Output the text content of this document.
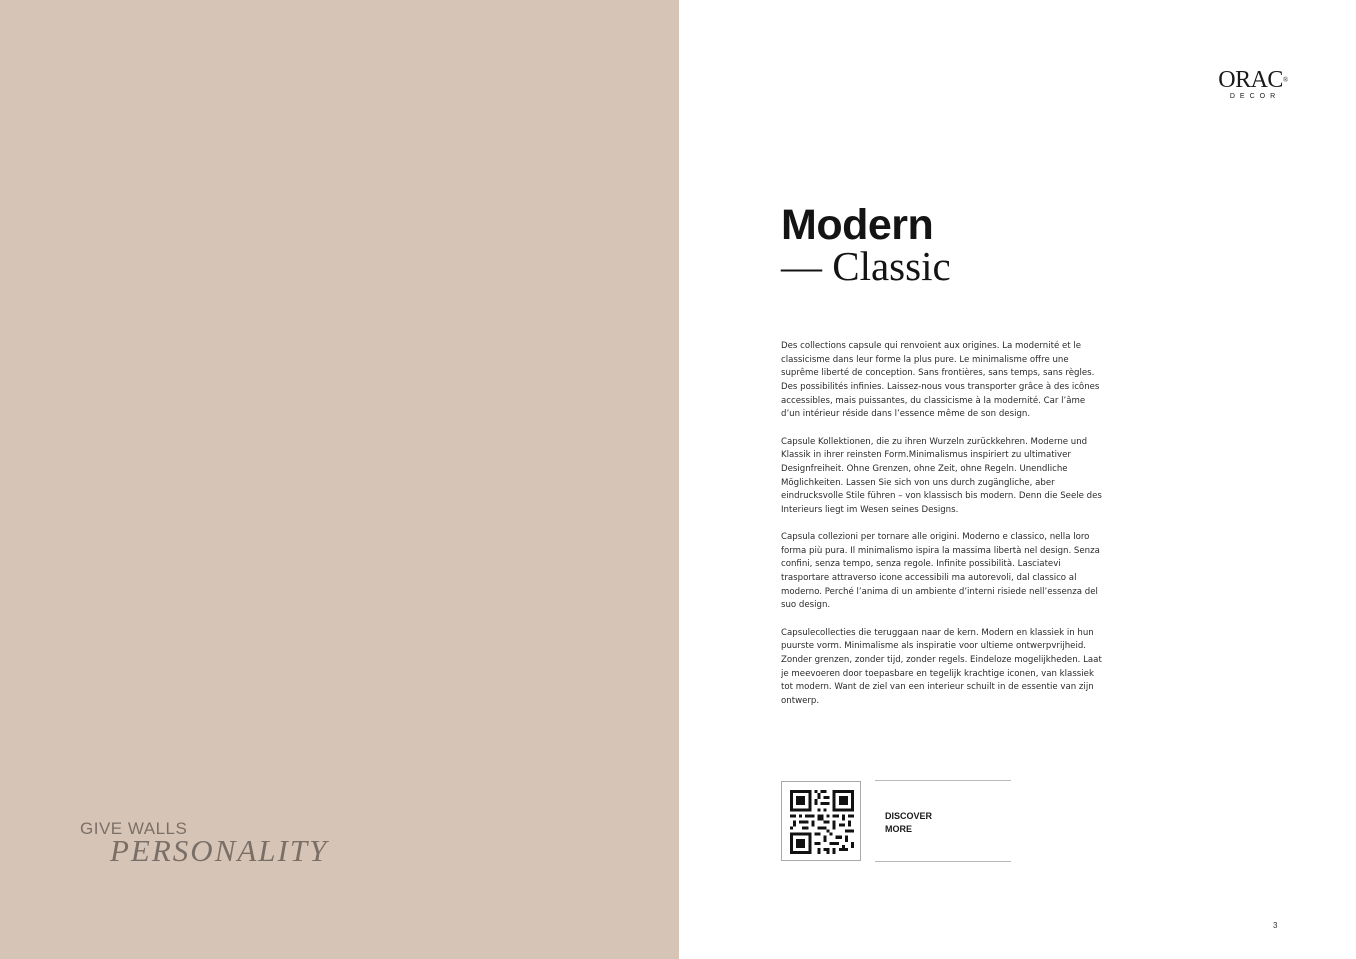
GIVE WALLS
PERSONALITY
ORAC®
DECOR
Modern
— Classic

Des collections capsule qui renvoient aux origines. La modernité et le classicisme dans leur forme la plus pure. Le minimalisme offre une suprême liberté de conception. Sans frontières, sans temps, sans règles. Des possibilités infinies. Laissez-nous vous transporter grâce à des icônes accessibles, mais puissantes, du classicisme à la modernité. Car l’âme d’un intérieur réside dans l’essence même de son design.

Capsule Kollektionen, die zu ihren Wurzeln zurückkehren. Moderne und Klassik in ihrer reinsten Form.Minimalismus inspiriert zu ultimativer Designfreiheit. Ohne Grenzen, ohne Zeit, ohne Regeln. Unendliche Möglichkeiten. Lassen Sie sich von uns durch zugängliche, aber eindrucksvolle Stile führen – von klassisch bis modern. Denn die Seele des Interieurs liegt im Wesen seines Designs.

Capsula collezioni per tornare alle origini. Moderno e classico, nella loro forma più pura. Il minimalismo ispira la massima libertà nel design. Senza confini, senza tempo, senza regole. Infinite possibilità. Lasciatevi trasportare attraverso icone accessibili ma autorevoli, dal classico al moderno. Perché l’anima di un ambiente d’interni risiede nell’essenza del suo design.

Capsulecollecties die teruggaan naar de kern. Modern en klassiek in hun puurste vorm. Minimalisme als inspiratie voor ultieme ontwerpvrijheid. Zonder grenzen, zonder tijd, zonder regels. Eindeloze mogelijkheden. Laat je meevoeren door toepasbare en tegelijk krachtige iconen, van klassiek tot modern. Want de ziel van een interieur schuilt in de essentie van zijn ontwerp.

DISCOVER
MORE
3
